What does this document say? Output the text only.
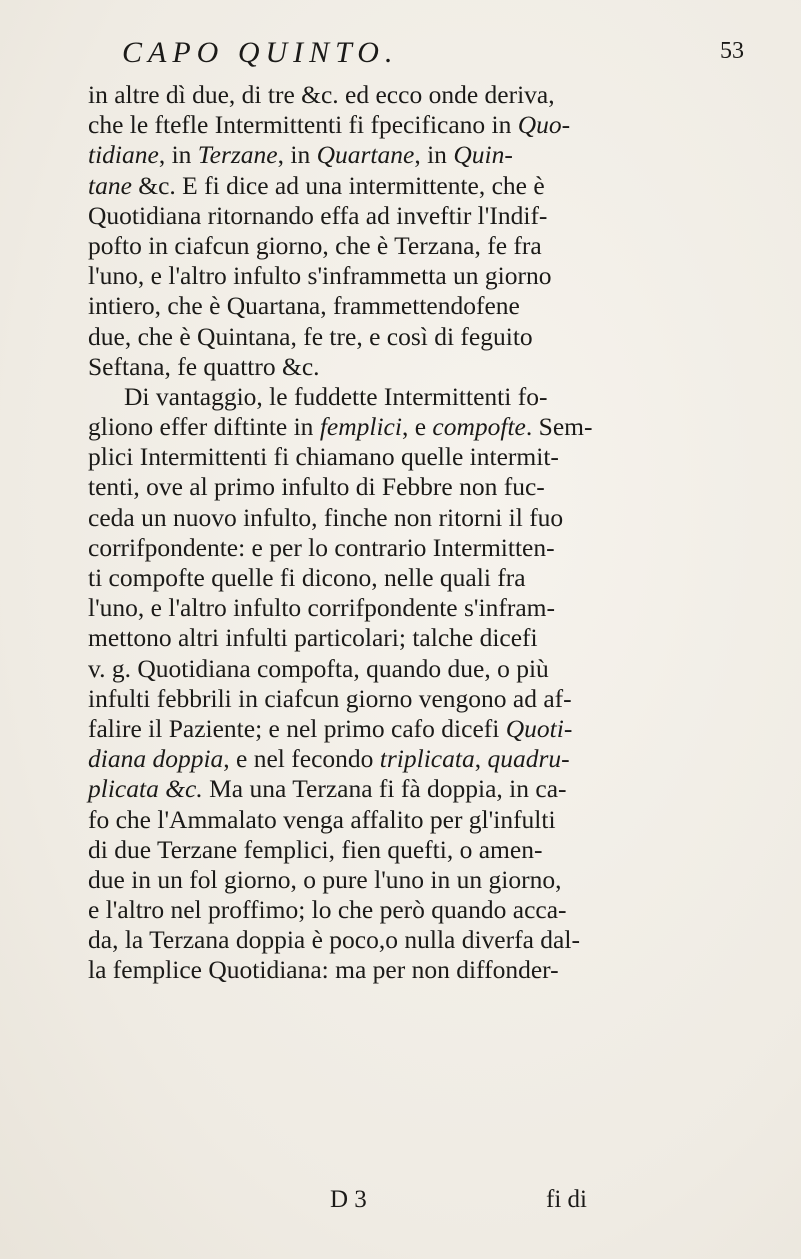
CAPO QUINTO.	53
in altre dì due, di tre &c. ed ecco onde deriva,
che le ftefle Intermittenti fi fpecificano in Quo-
tidiane, in Terzane, in Quartane, in Quin-
tane &c. E fi dice ad una intermittente, che è
Quotidiana ritornando effa ad inveftir l'Indif-
pofto in ciafcun giorno, che è Terzana, fe fra
l'uno, e l'altro infulto s'inframmetta un giorno
intiero, che è Quartana, frammettendofene
due, che è Quintana, fe tre, e così di feguito
Seftana, fe quattro &c.
Di vantaggio, le fuddette Intermittenti fo-
gliono effer diftinte in femplici, e compofte. Sem-
plici Intermittenti fi chiamano quelle intermit-
tenti, ove al primo infulto di Febbre non fuc-
ceda un nuovo infulto, finche non ritorni il fuo
corrifpondente: e per lo contrario Intermitten-
ti compofte quelle fi dicono, nelle quali fra
l'uno, e l'altro infulto corrifpondente s'infram-
mettono altri infulti particolari; talche dicefi
v. g. Quotidiana compofta, quando due, o più
infulti febbrili in ciafcun giorno vengono ad af-
falire il Paziente; e nel primo cafo dicefi Quoti-
diana doppia, e nel fecondo triplicata, quadru-
plicata &c. Ma una Terzana fi fà doppia, in ca-
fo che l'Ammalato venga affalito per gl'infulti
di due Terzane femplici, fien quefti, o amen-
due in un fol giorno, o pure l'uno in un giorno,
e l'altro nel proffimo; lo che però quando acca-
da, la Terzana doppia è poco,o nulla diverfa dal-
la femplice Quotidiana: ma per non diffonder-
D 3	fi di
